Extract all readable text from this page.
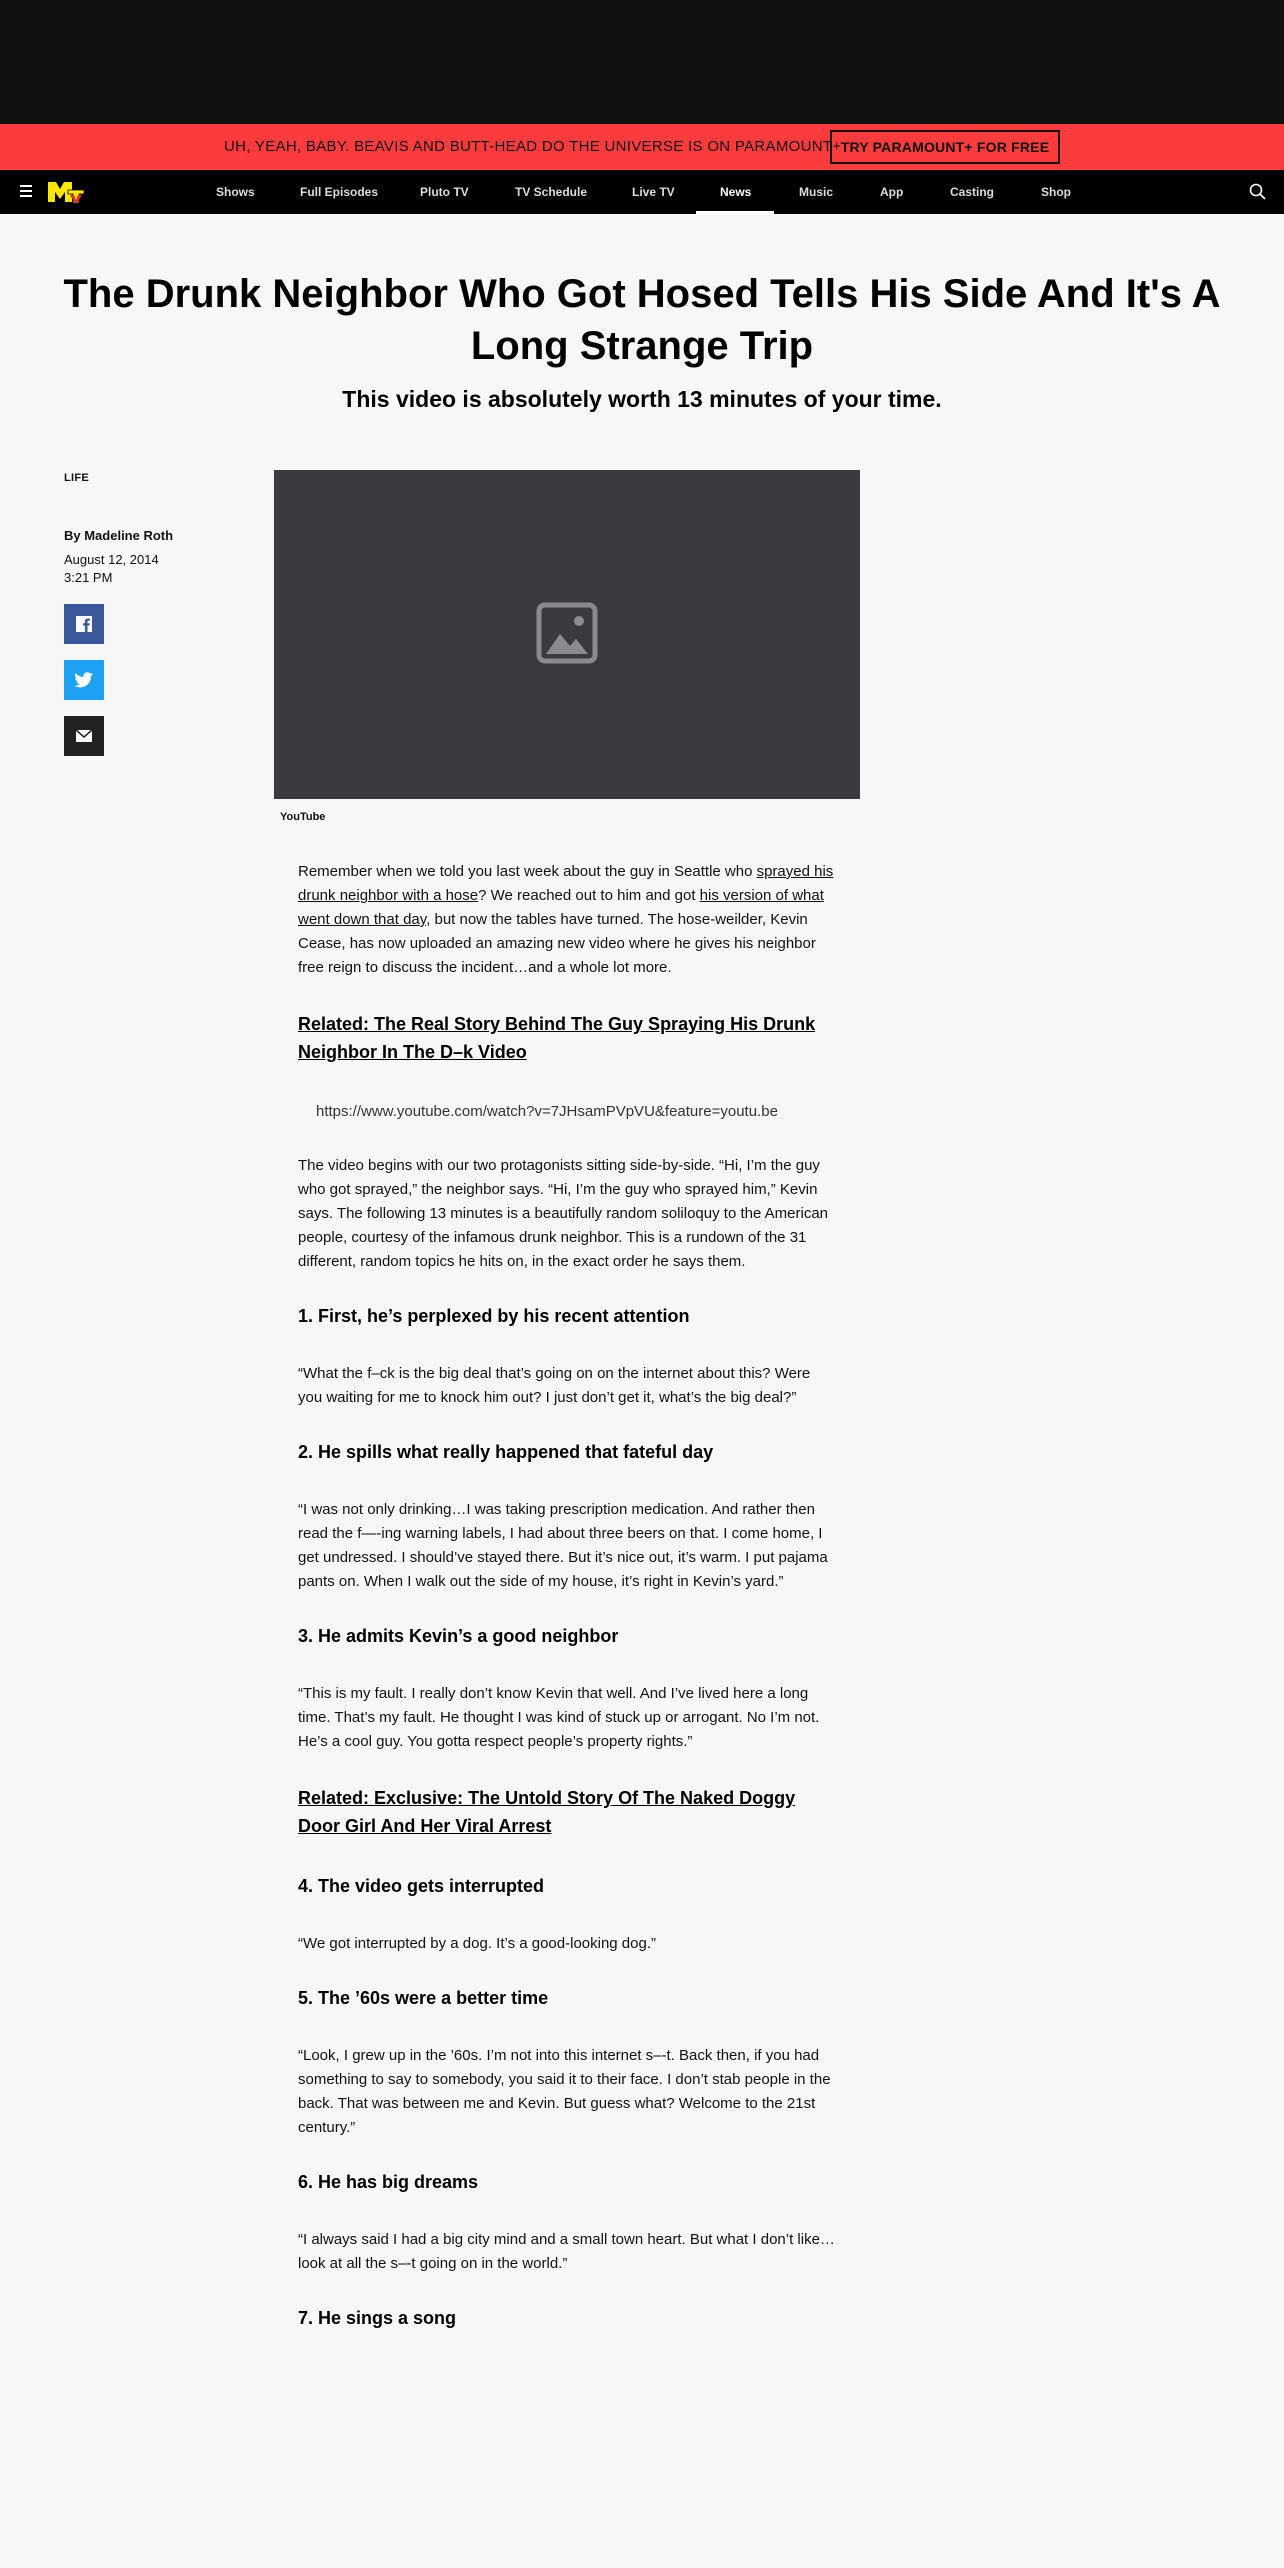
UH, YEAH, BABY. BEAVIS AND BUTT-HEAD DO THE UNIVERSE IS ON PARAMOUNT+ TRY PARAMOUNT+ FOR FREE
Shows	Full Episodes	Pluto TV	TV Schedule	Live TV	News	Music	App	Casting	Shop
The Drunk Neighbor Who Got Hosed Tells His Side And It's A Long Strange Trip
This video is absolutely worth 13 minutes of your time.
LIFE
By Madeline Roth
August 12, 2014
3:21 PM
YouTube

Remember when we told you last week about the guy in Seattle who sprayed his drunk neighbor with a hose? We reached out to him and got his version of what went down that day, but now the tables have turned. The hose-weilder, Kevin Cease, has now uploaded an amazing new video where he gives his neighbor free reign to discuss the incident…and a whole lot more.

Related: The Real Story Behind The Guy Spraying His Drunk Neighbor In The D–k Video
https://www.youtube.com/watch?v=7JHsamPVpVU&feature=youtu.be

The video begins with our two protagonists sitting side-by-side. “Hi, I’m the guy who got sprayed,” the neighbor says. “Hi, I’m the guy who sprayed him,” Kevin says. The following 13 minutes is a beautifully random soliloquy to the American people, courtesy of the infamous drunk neighbor. This is a rundown of the 31 different, random topics he hits on, in the exact order he says them.

1. First, he’s perplexed by his recent attention

“What the f–ck is the big deal that’s going on on the internet about this? Were you waiting for me to knock him out? I just don’t get it, what’s the big deal?”

2. He spills what really happened that fateful day

“I was not only drinking…I was taking prescription medication. And rather then read the f—-ing warning labels, I had about three beers on that. I come home, I get undressed. I should’ve stayed there. But it’s nice out, it’s warm. I put pajama pants on. When I walk out the side of my house, it’s right in Kevin’s yard.”

3. He admits Kevin’s a good neighbor

“This is my fault. I really don’t know Kevin that well. And I’ve lived here a long time. That’s my fault. He thought I was kind of stuck up or arrogant. No I’m not. He’s a cool guy. You gotta respect people’s property rights.”

Related: Exclusive: The Untold Story Of The Naked Doggy Door Girl And Her Viral Arrest
4. The video gets interrupted

“We got interrupted by a dog. It’s a good-looking dog.”

5. The ’60s were a better time

“Look, I grew up in the ’60s. I’m not into this internet s–-t. Back then, if you had something to say to somebody, you said it to their face. I don’t stab people in the back. That was between me and Kevin. But guess what? Welcome to the 21st century.”

6. He has big dreams

“I always said I had a big city mind and a small town heart. But what I don’t like…look at all the s–-t going on in the world.”

7. He sings a song
